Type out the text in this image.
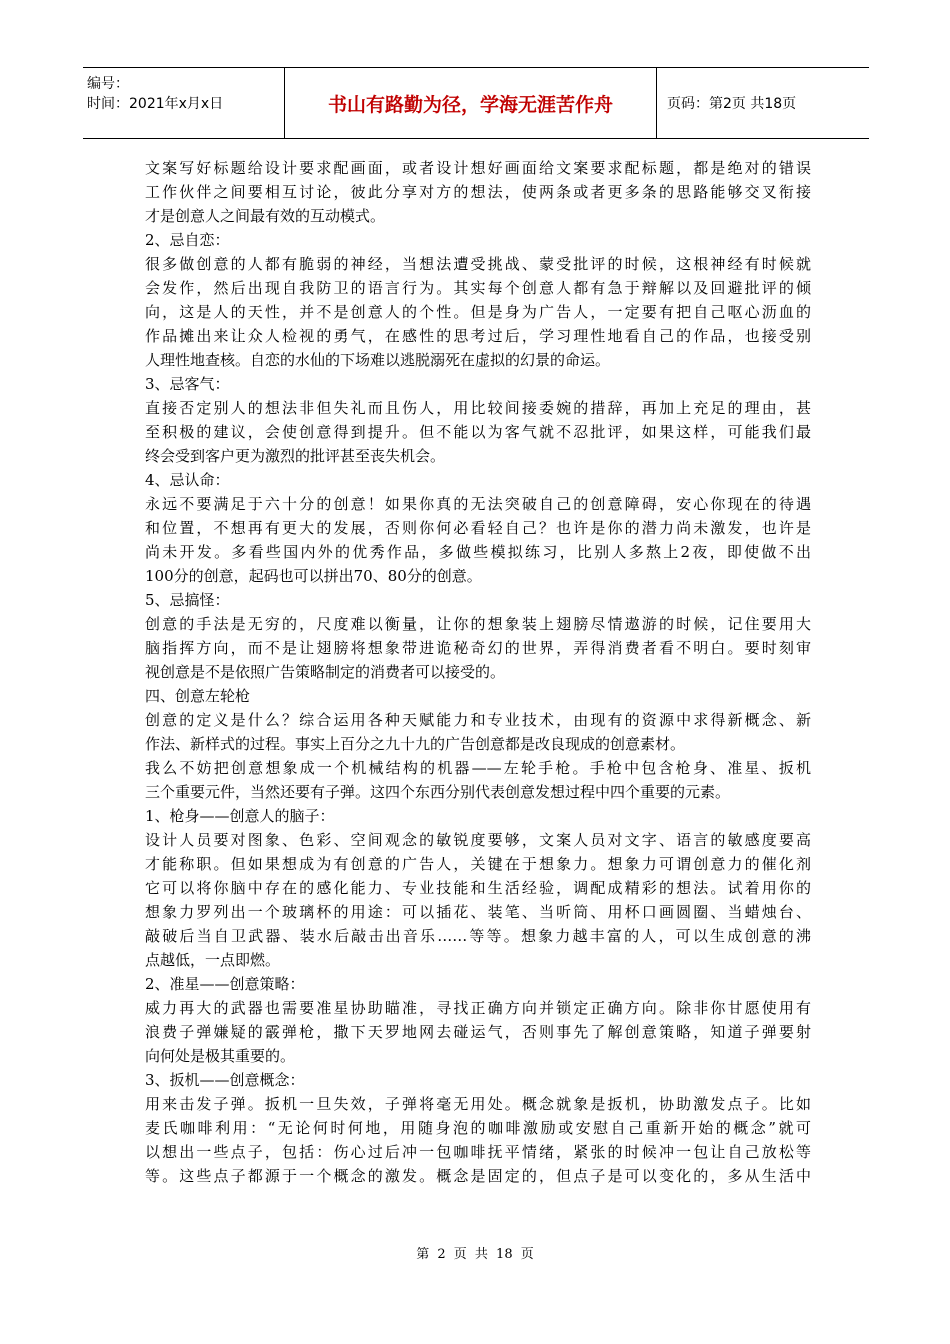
编号：
时间：2021年x月x日	书山有路勤为径，学海无涯苦作舟	页码：第2页 共18页
文案写好标题给设计要求配画面，或者设计想好画面给文案要求配标题，都是绝对的错误
工作伙伴之间要相互讨论，彼此分享对方的想法，使两条或者更多条的思路能够交叉衔接
才是创意人之间最有效的互动模式。
2、忌自恋：
很多做创意的人都有脆弱的神经，当想法遭受挑战、蒙受批评的时候，这根神经有时候就
会发作，然后出现自我防卫的语言行为。其实每个创意人都有急于辩解以及回避批评的倾
向，这是人的天性，并不是创意人的个性。但是身为广告人，一定要有把自己呕心沥血的
作品摊出来让众人检视的勇气，在感性的思考过后，学习理性地看自己的作品，也接受别
人理性地查核。自恋的水仙的下场难以逃脱溺死在虚拟的幻景的命运。
3、忌客气：
直接否定别人的想法非但失礼而且伤人，用比较间接委婉的措辞，再加上充足的理由，甚
至积极的建议，会使创意得到提升。但不能以为客气就不忍批评，如果这样，可能我们最
终会受到客户更为激烈的批评甚至丧失机会。
4、忌认命：
永远不要满足于六十分的创意！如果你真的无法突破自己的创意障碍，安心你现在的待遇
和位置，不想再有更大的发展，否则你何必看轻自己？也许是你的潜力尚未激发，也许是
尚未开发。多看些国内外的优秀作品，多做些模拟练习，比别人多熬上2夜，即使做不出
100分的创意，起码也可以拼出70、80分的创意。
5、忌搞怪：
创意的手法是无穷的，尺度难以衡量，让你的想象装上翅膀尽情遨游的时候，记住要用大
脑指挥方向，而不是让翅膀将想象带进诡秘奇幻的世界，弄得消费者看不明白。要时刻审
视创意是不是依照广告策略制定的消费者可以接受的。
四、创意左轮枪
创意的定义是什么？综合运用各种天赋能力和专业技术，由现有的资源中求得新概念、新
作法、新样式的过程。事实上百分之九十九的广告创意都是改良现成的创意素材。
我么不妨把创意想象成一个机械结构的机器——左轮手枪。手枪中包含枪身、准星、扳机
三个重要元件，当然还要有子弹。这四个东西分别代表创意发想过程中四个重要的元素。
1、枪身——创意人的脑子：
设计人员要对图象、色彩、空间观念的敏锐度要够，文案人员对文字、语言的敏感度要高
才能称职。但如果想成为有创意的广告人，关键在于想象力。想象力可谓创意力的催化剂
它可以将你脑中存在的感化能力、专业技能和生活经验，调配成精彩的想法。试着用你的
想象力罗列出一个玻璃杯的用途：可以插花、装笔、当听筒、用杯口画圆圈、当蜡烛台、
敲破后当自卫武器、装水后敲击出音乐……等等。想象力越丰富的人，可以生成创意的沸
点越低，一点即燃。
2、准星——创意策略：
威力再大的武器也需要准星协助瞄准，寻找正确方向并锁定正确方向。除非你甘愿使用有
浪费子弹嫌疑的霰弹枪，撒下天罗地网去碰运气，否则事先了解创意策略，知道子弹要射
向何处是极其重要的。
3、扳机——创意概念：
用来击发子弹。扳机一旦失效，子弹将毫无用处。概念就象是扳机，协助激发点子。比如
麦氏咖啡利用：“无论何时何地，用随身泡的咖啡激励或安慰自己重新开始的概念”就可
以想出一些点子，包括：伤心过后冲一包咖啡抚平情绪，紧张的时候冲一包让自己放松等
等。这些点子都源于一个概念的激发。概念是固定的，但点子是可以变化的，多从生活中
第 2 页 共 18 页
